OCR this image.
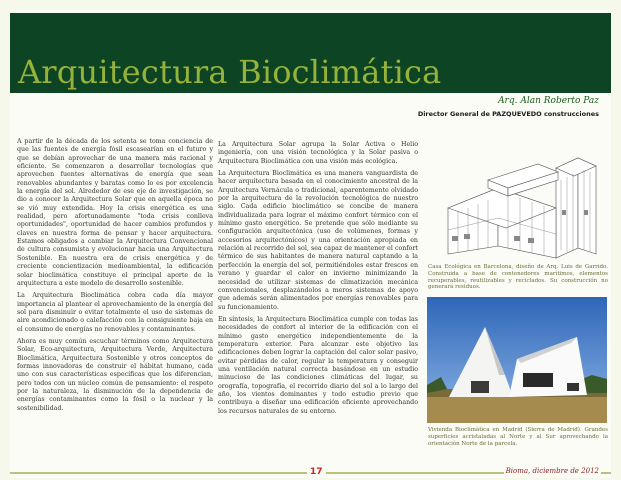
Arquitectura Bioclimática
Arq. Alan Roberto Paz
Director General de PAZQUEVEDO construcciones

A partir de la década de los setenta se toma conciencia de que las fuentes de energía fósil escasearían en el futuro y que se debían aprovechar de una manera más racional y eficiente. Se comenzaron a desarrollar tecnologías que aprovechen fuentes alternativas de energía que sean renovables abundantes y baratas como lo es por excelencia la energía del sol. Alrededor de ese eje de investigación, se dio a conocer la Arquitectura Solar que en aquella época no se vió muy extendida. Hoy la crisis energética es una realidad, pero afortunadamente "toda crisis conlleva oportunidades", oportunidad de hacer cambios profundos y claves en nuestra forma de pensar y hacer arquitectura. Estamos obligados a cambiar la Arquitectura Convencional de cultura consumista y evolucionar hacia una Arquitectura Sostenible. En nuestra era de crisis energética y de creciente concientización medioambiental, la edificación solar bioclimática constituye el principal aporte de la arquitectura a este modelo de desarrollo sostenible.

La Arquitectura Bioclimática cobra cada día mayor importancia al plantear el aprovechamiento de la energía del sol para disminuir o evitar totalmente el uso de sistemas de aire acondicionado o calefacción con la consiguiente baja en el consumo de energías no renovables y contaminantes.

Ahora es muy común escuchar términos como Arquitectura Solar, Eco-arquitectura, Arquitectura Verde, Arquitectura Bioclimática, Arquitectura Sostenible y otros conceptos de formas innovadoras de construir el hábitat humano, cada uno con sus características específicas que los diferencian, pero todos con un núcleo común de pensamiento: el respeto por la naturaleza, la disminución de la dependencia de energías contaminantes como la fósil o la nuclear y la sostenibilidad.

La Arquitectura Solar agrupa la Solar Activa o Helio ingeniería, con una visión tecnológica y la Solar pasiva o Arquitectura Bioclimática con una visión más ecológica.

La Arquitectura Bioclimática es una manera vanguardista de hacer arquitectura basada en el conocimiento ancestral de la Arquitectura Vernácula o tradicional, aparentemente olvidado por la arquitectura de la revolución tecnológica de nuestro siglo. Cada edificio bioclimático se concibe de manera individualizada para lograr el máximo confort térmico con el mínimo gasto energético. Se pretende que sólo mediante su configuración arquitectónica (uso de volúmenes, formas y accesorios arquitectónicos) y una orientación apropiada en relación al recorrido del sol, sea capaz de mantener el confort térmico de sus habitantes de manera natural captando a la perfección la energía del sol, permitiéndoles estar frescos en verano y guardar el calor en invierno minimizando la necesidad de utilizar sistemas de climatización mecánica convencionales, desplazándolos a meros sistemas de apoyo que además serán alimentados por energías renovables para su funcionamiento.

En síntesis, la Arquitectura Bioclimática cumple con todas las necesidades de confort al interior de la edificación con el mínimo gasto energético independientemente de la temperatura exterior. Para alcanzar este objetivo las edificaciones deben lograr la captación del calor solar pasivo, evitar pérdidas de calor, regular la temperatura y conseguir una ventilación natural correcta basándose en un estudio minucioso de las condiciones climáticas del lugar, su orografía, topografía, el recorrido diario del sol a lo largo del año, los vientos dominantes y todo estudio previo que contribuya a diseñar una edificación eficiente aprovechando los recursos naturales de su entorno.

Casa Ecológica en Barcelona, diseño de Arq. Luis de Garrido. Construida a base de contenedores marítimos, elementos recuperables, reutilizables y reciclados. Su construcción no generará residuos.
Vivienda Bioclimática en Madrid (Sierra de Madrid). Grandes superficies acristaladas al Norte y al Sur aprovechando la orientación Norte de la parcela.
17	Bioma, diciembre de 2012
